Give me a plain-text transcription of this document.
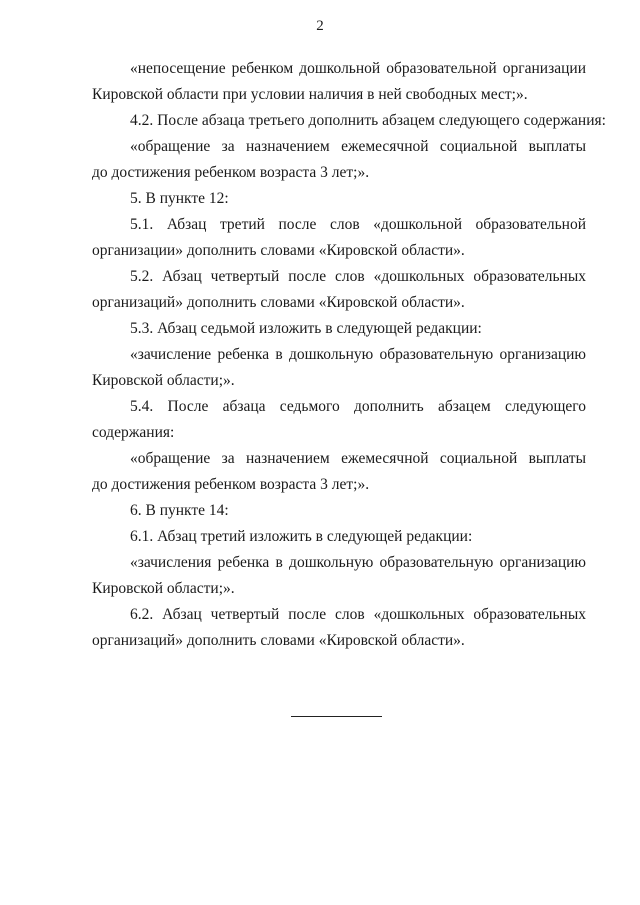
2
«непосещение ребенком дошкольной образовательной организации
Кировской области при условии наличия в ней свободных мест;».
4.2. После абзаца третьего дополнить абзацем следующего содержания:
«обращение за назначением ежемесячной социальной выплаты
до достижения ребенком возраста 3 лет;».
5. В пункте 12:
5.1. Абзац третий после слов «дошкольной образовательной
организации» дополнить словами «Кировской области».
5.2. Абзац четвертый после слов «дошкольных образовательных
организаций» дополнить словами «Кировской области».
5.3. Абзац седьмой изложить в следующей редакции:
«зачисление ребенка в дошкольную образовательную организацию
Кировской области;».
5.4. После абзаца седьмого дополнить абзацем следующего
содержания:
«обращение за назначением ежемесячной социальной выплаты
до достижения ребенком возраста 3 лет;».
6. В пункте 14:
6.1. Абзац третий изложить в следующей редакции:
«зачисления ребенка в дошкольную образовательную организацию
Кировской области;».
6.2. Абзац четвертый после слов «дошкольных образовательных
организаций» дополнить словами «Кировской области».
